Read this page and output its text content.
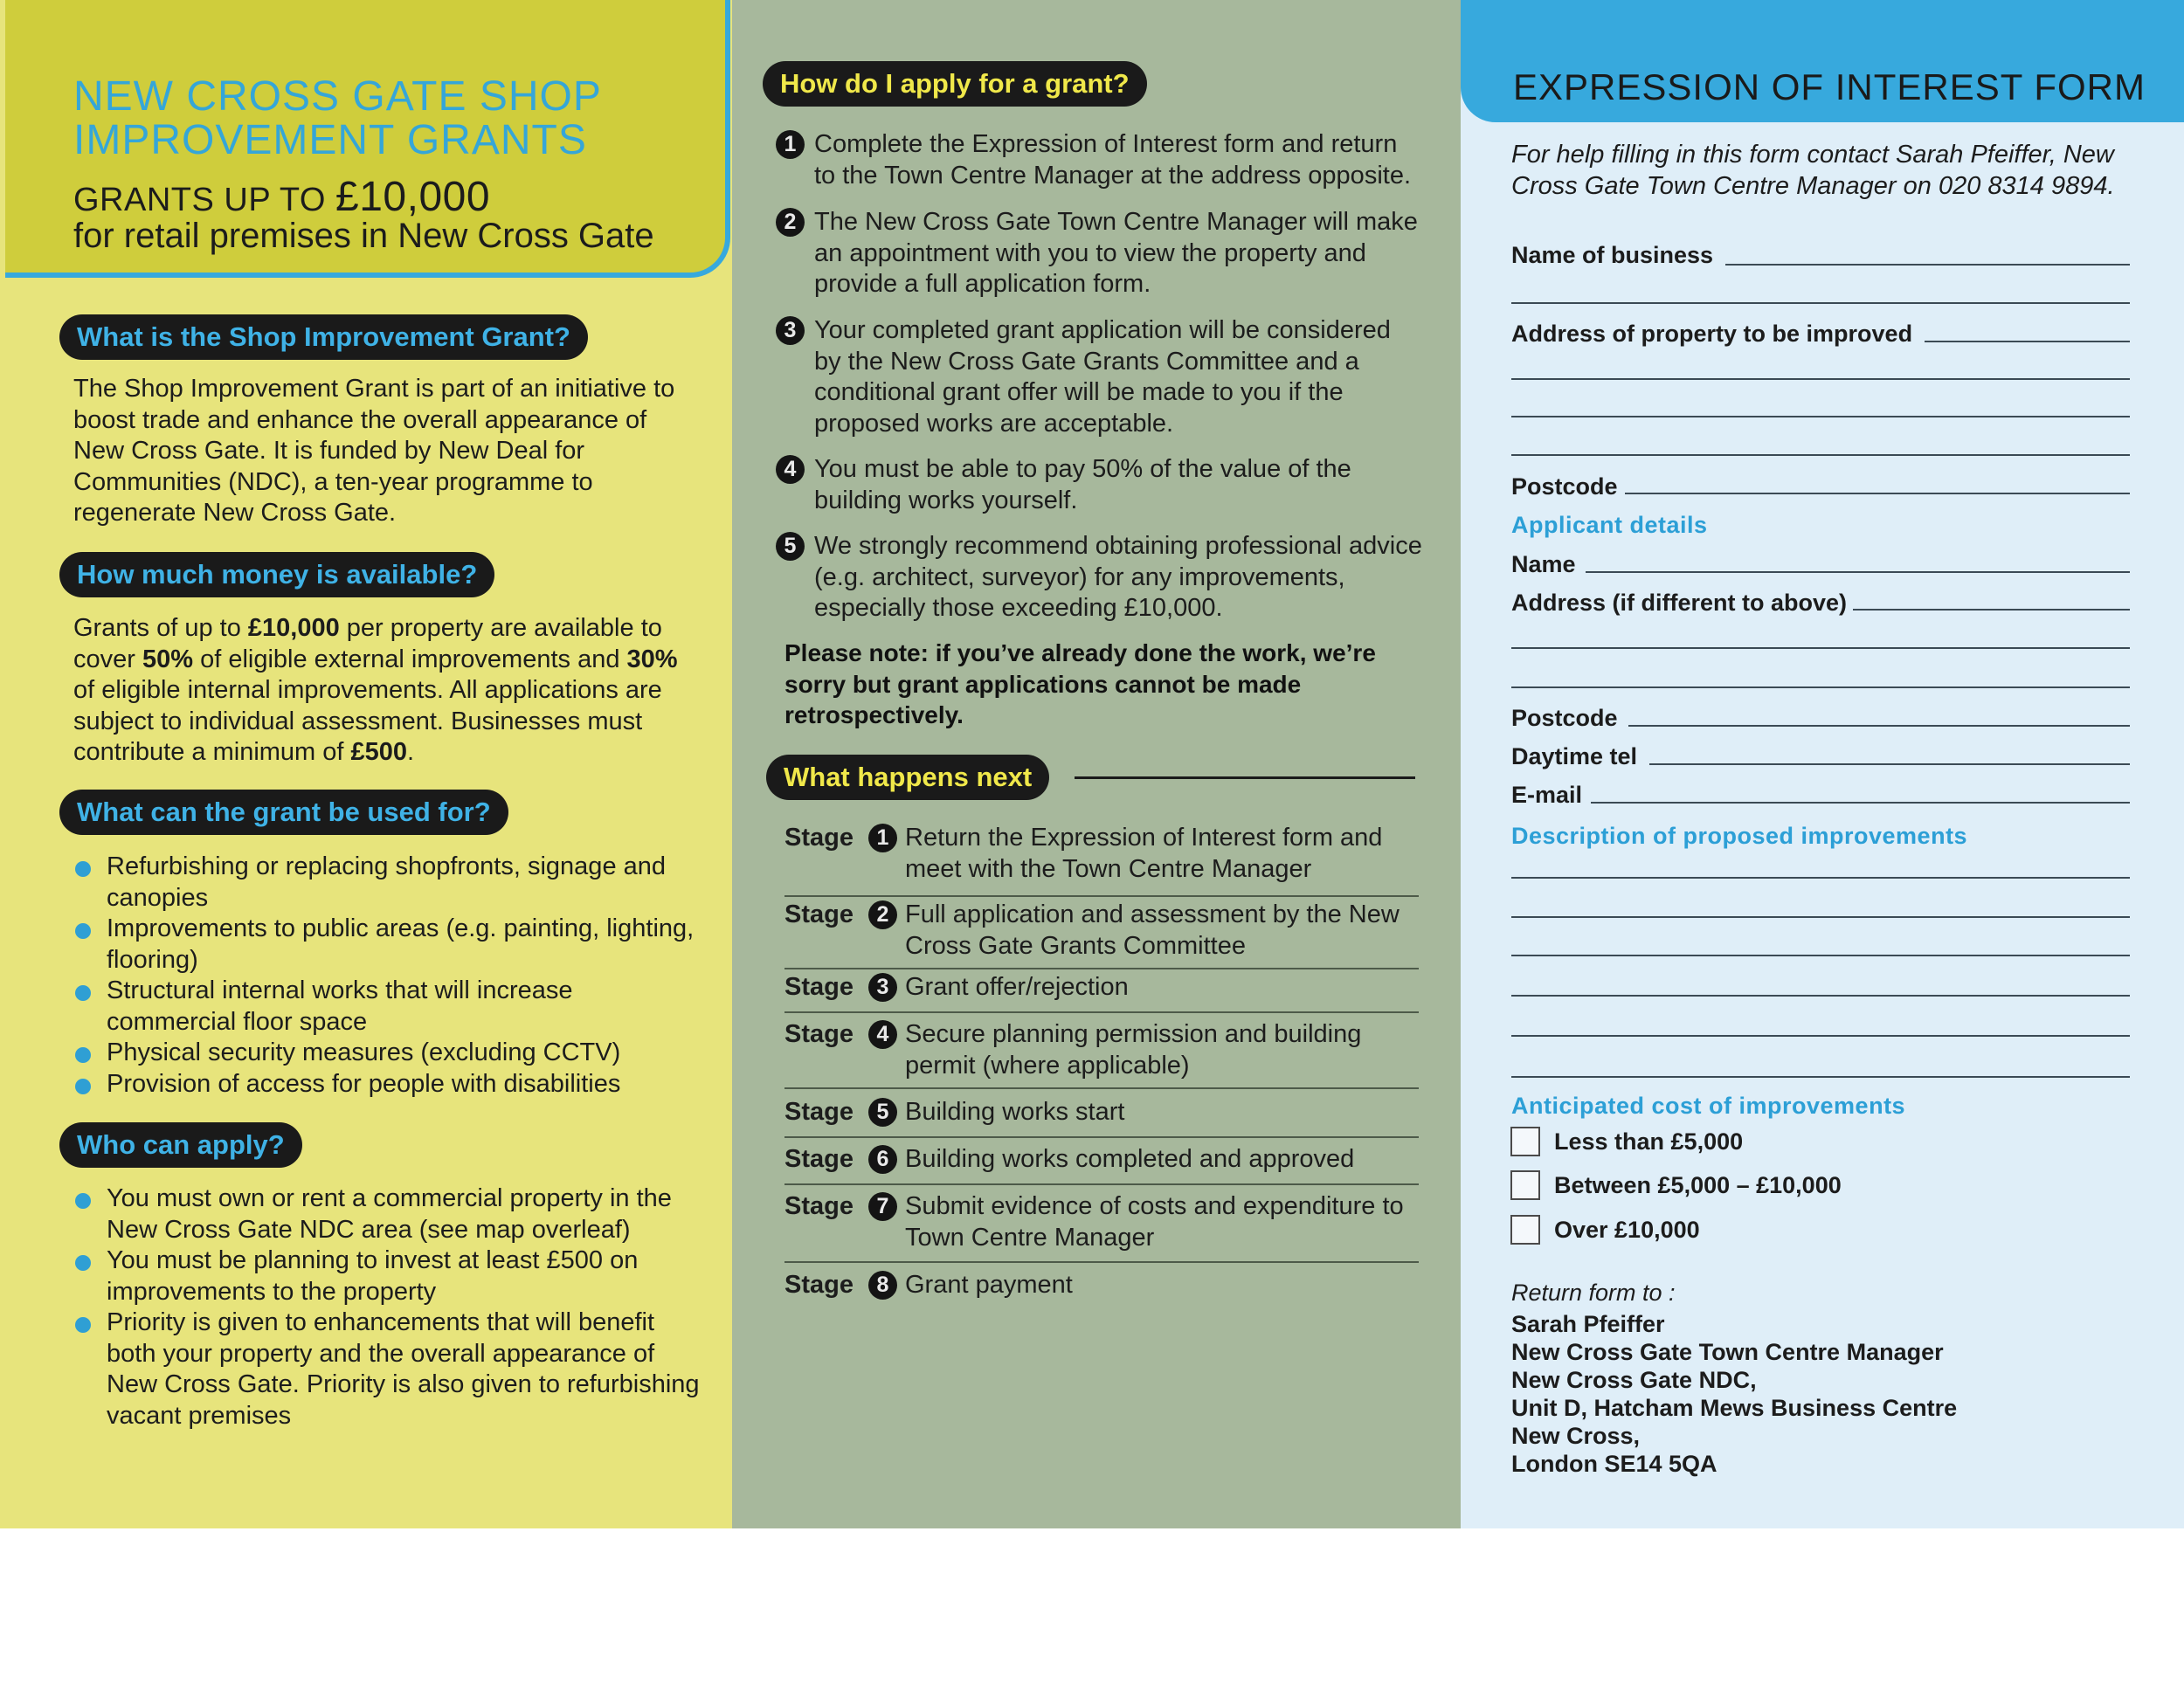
NEW CROSS GATE SHOP IMPROVEMENT GRANTS
GRANTS UP TO £10,000
for retail premises in New Cross Gate
What is the Shop Improvement Grant?
The Shop Improvement Grant is part of an initiative to boost trade and enhance the overall appearance of New Cross Gate. It is funded by New Deal for Communities (NDC), a ten-year programme to regenerate New Cross Gate.
How much money is available?
Grants of up to £10,000 per property are available to cover 50% of eligible external improvements and 30% of eligible internal improvements. All applications are subject to individual assessment. Businesses must contribute a minimum of £500.
What can the grant be used for?
Refurbishing or replacing shopfronts, signage and canopies
Improvements to public areas (e.g. painting, lighting, flooring)
Structural internal works that will increase commercial floor space
Physical security measures (excluding CCTV)
Provision of access for people with disabilities
Who can apply?
You must own or rent a commercial property in the New Cross Gate NDC area (see map overleaf)
You must be planning to invest at least £500 on improvements to the property
Priority is given to enhancements that will benefit both your property and the overall appearance of New Cross Gate. Priority is also given to refurbishing vacant premises
How do I apply for a grant?
1 Complete the Expression of Interest form and return to the Town Centre Manager at the address opposite.
2 The New Cross Gate Town Centre Manager will make an appointment with you to view the property and provide a full application form.
3 Your completed grant application will be considered by the New Cross Gate Grants Committee and a conditional grant offer will be made to you if the proposed works are acceptable.
4 You must be able to pay 50% of the value of the building works yourself.
5 We strongly recommend obtaining professional advice (e.g. architect, surveyor) for any improvements, especially those exceeding £10,000.
Please note: if you’ve already done the work, we’re sorry but grant applications cannot be made retrospectively.
What happens next
Stage	1 Return the Expression of Interest form and meet with the Town Centre Manager
Stage	2 Full application and assessment by the New Cross Gate Grants Committee
Stage	3 Grant offer/rejection
Stage	4 Secure planning permission and building permit (where applicable)
Stage	5 Building works start
Stage	6 Building works completed and approved
Stage	7 Submit evidence of costs and expenditure to Town Centre Manager
Stage	8 Grant payment
EXPRESSION OF INTEREST FORM
For help filling in this form contact Sarah Pfeiffer, New Cross Gate Town Centre Manager on 020 8314 9894.
Name of business
Address of property to be improved
Postcode
Applicant details
Name
Address (if different to above)
Postcode
Daytime tel
E-mail
Description of proposed improvements
Anticipated cost of improvements
Less than £5,000
Between £5,000 – £10,000
Over £10,000
Return form to :
Sarah Pfeiffer
New Cross Gate Town Centre Manager
New Cross Gate NDC,
Unit D, Hatcham Mews Business Centre
New Cross,
London SE14 5QA
